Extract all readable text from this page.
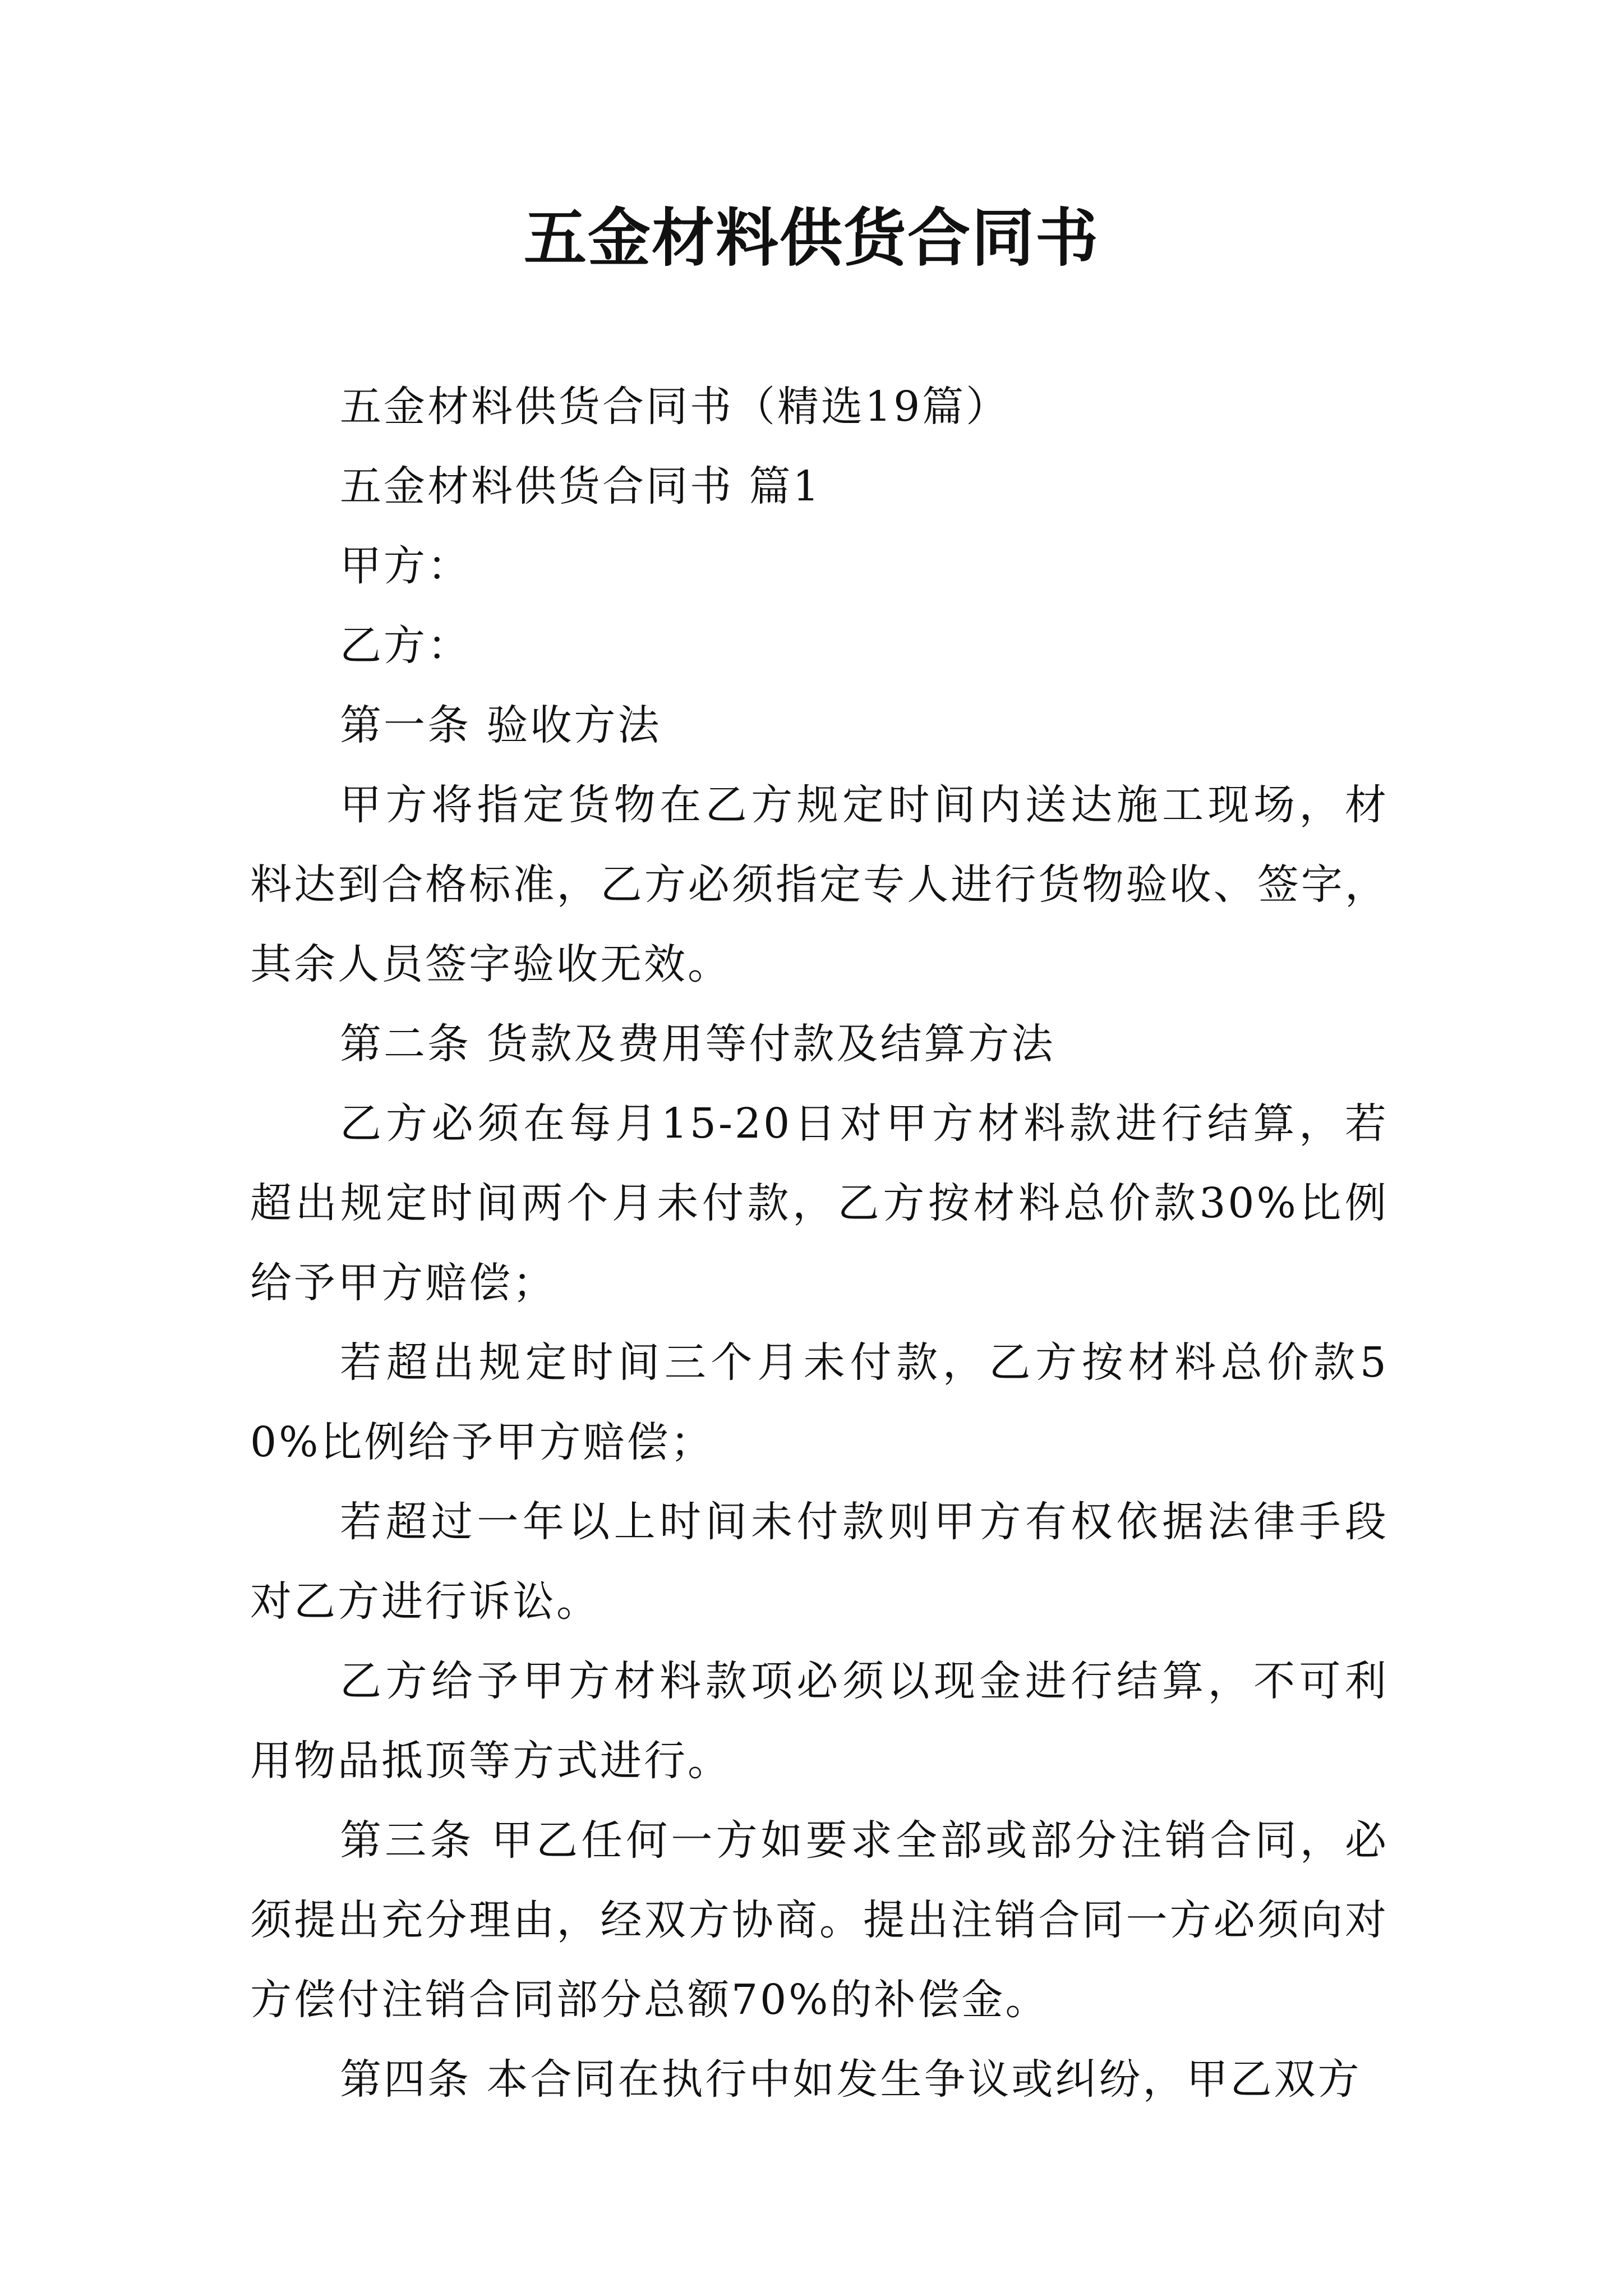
五金材料供货合同书

五金材料供货合同书（精选19篇）

五金材料供货合同书 篇1

甲方：

乙方：

第一条 验收方法

甲方将指定货物在乙方规定时间内送达施工现场，材料达到合格标准，乙方必须指定专人进行货物验收、签字，其余人员签字验收无效。

第二条 货款及费用等付款及结算方法

乙方必须在每月15-20日对甲方材料款进行结算，若超出规定时间两个月未付款，乙方按材料总价款30%比例给予甲方赔偿；

若超出规定时间三个月未付款，乙方按材料总价款50%比例给予甲方赔偿；

若超过一年以上时间未付款则甲方有权依据法律手段对乙方进行诉讼。

乙方给予甲方材料款项必须以现金进行结算，不可利用物品抵顶等方式进行。

第三条 甲乙任何一方如要求全部或部分注销合同，必须提出充分理由，经双方协商。提出注销合同一方必须向对方偿付注销合同部分总额70%的补偿金。

第四条 本合同在执行中如发生争议或纠纷，甲乙双方
